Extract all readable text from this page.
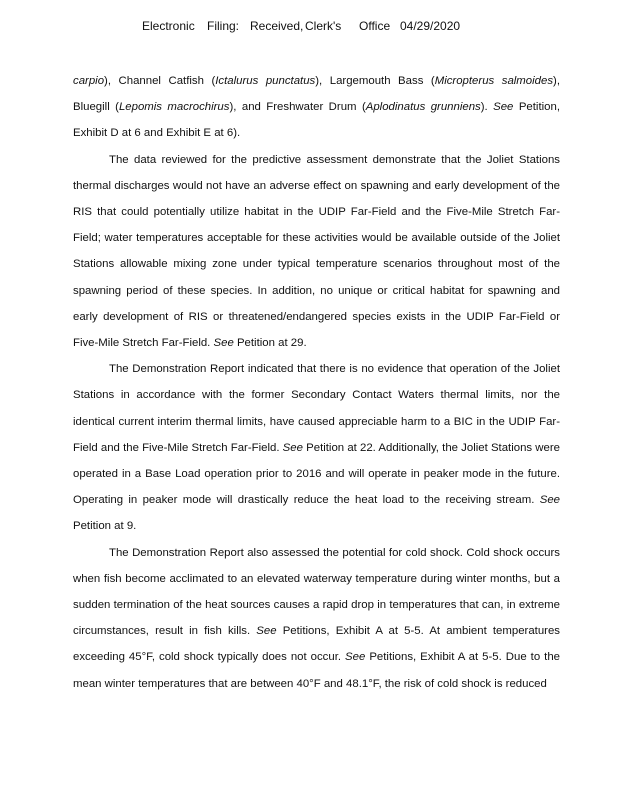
Electronic Filing: Received, Clerk's Office 04/29/2020

carpio), Channel Catfish (Ictalurus punctatus), Largemouth Bass (Micropterus salmoides), Bluegill (Lepomis macrochirus), and Freshwater Drum (Aplodinatus grunniens). See Petition, Exhibit D at 6 and Exhibit E at 6).

The data reviewed for the predictive assessment demonstrate that the Joliet Stations thermal discharges would not have an adverse effect on spawning and early development of the RIS that could potentially utilize habitat in the UDIP Far-Field and the Five-Mile Stretch Far-Field; water temperatures acceptable for these activities would be available outside of the Joliet Stations allowable mixing zone under typical temperature scenarios throughout most of the spawning period of these species. In addition, no unique or critical habitat for spawning and early development of RIS or threatened/endangered species exists in the UDIP Far-Field or Five-Mile Stretch Far-Field. See Petition at 29.

The Demonstration Report indicated that there is no evidence that operation of the Joliet Stations in accordance with the former Secondary Contact Waters thermal limits, nor the identical current interim thermal limits, have caused appreciable harm to a BIC in the UDIP Far-Field and the Five-Mile Stretch Far-Field. See Petition at 22. Additionally, the Joliet Stations were operated in a Base Load operation prior to 2016 and will operate in peaker mode in the future. Operating in peaker mode will drastically reduce the heat load to the receiving stream. See Petition at 9.

The Demonstration Report also assessed the potential for cold shock. Cold shock occurs when fish become acclimated to an elevated waterway temperature during winter months, but a sudden termination of the heat sources causes a rapid drop in temperatures that can, in extreme circumstances, result in fish kills. See Petitions, Exhibit A at 5-5. At ambient temperatures exceeding 45°F, cold shock typically does not occur. See Petitions, Exhibit A at 5-5. Due to the mean winter temperatures that are between 40°F and 48.1°F, the risk of cold shock is reduced
